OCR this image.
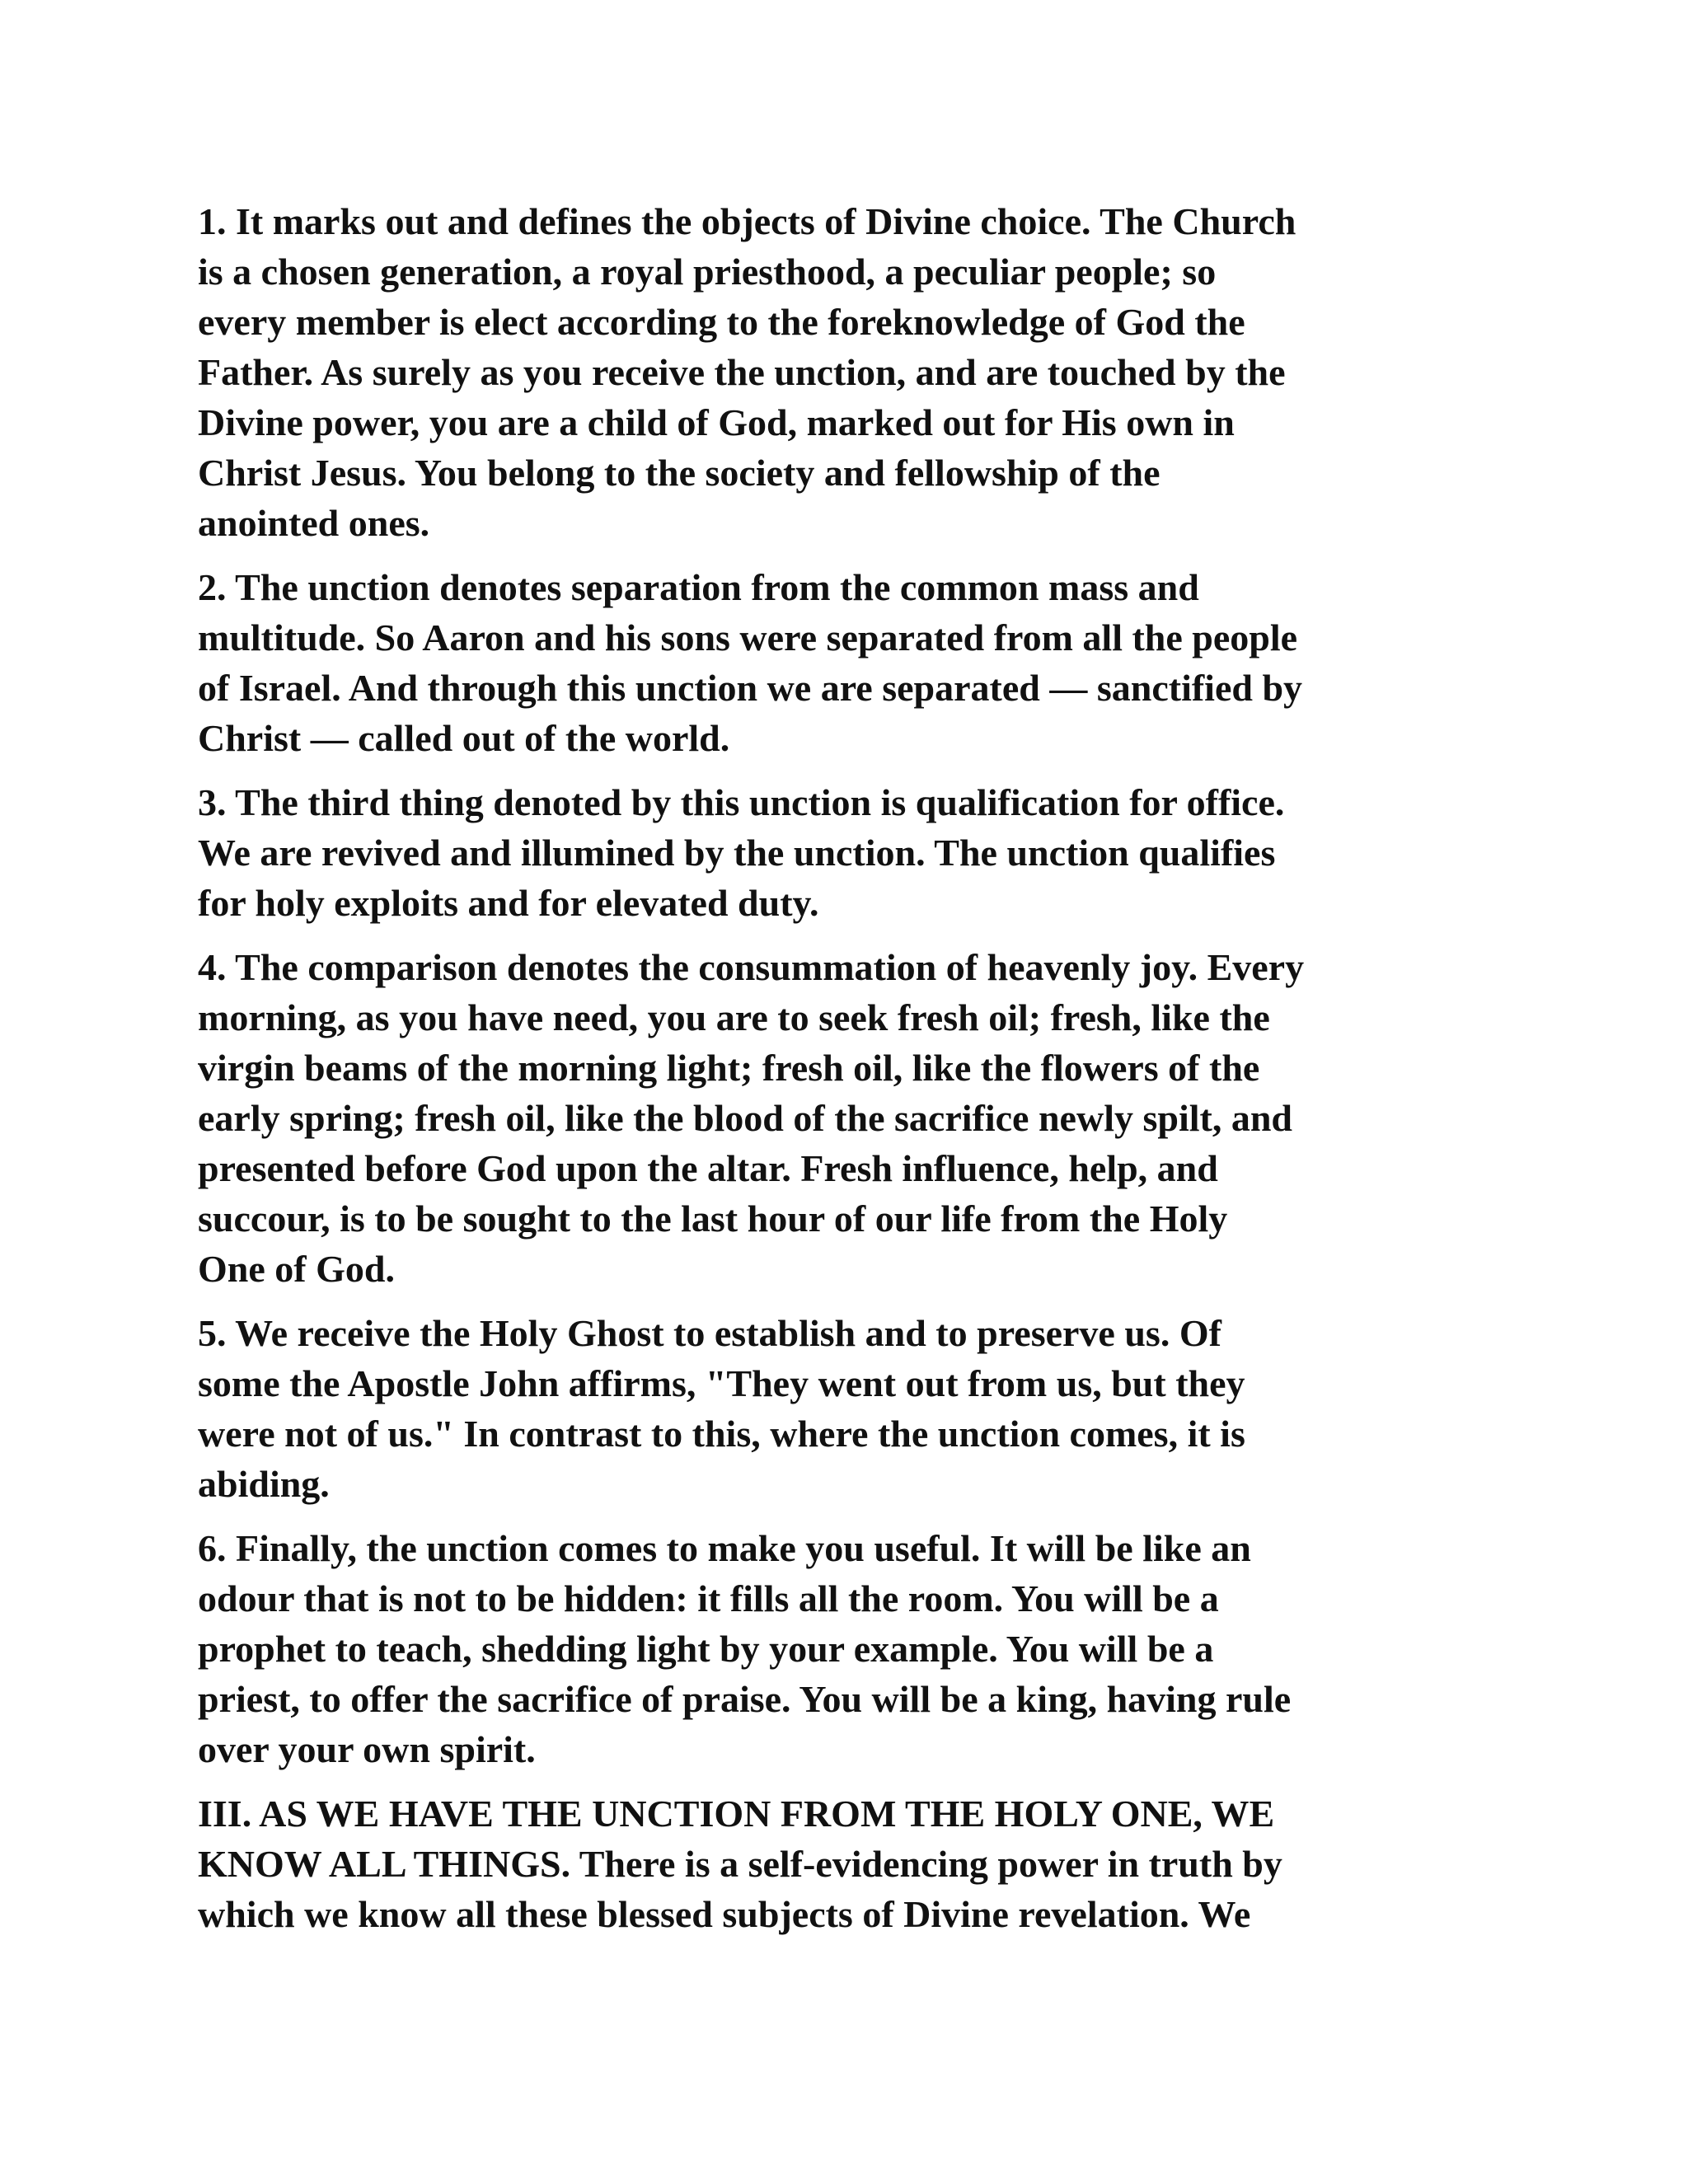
1. It marks out and defines the objects of Divine choice. The Church
is a chosen generation, a royal priesthood, a peculiar people; so
every member is elect according to the foreknowledge of God the
Father. As surely as you receive the unction, and are touched by the
Divine power, you are a child of God, marked out for His own in
Christ Jesus. You belong to the society and fellowship of the
anointed ones.

2. The unction denotes separation from the common mass and
multitude. So Aaron and his sons were separated from all the people
of Israel. And through this unction we are separated — sanctified by
Christ — called out of the world.

3. The third thing denoted by this unction is qualification for office.
We are revived and illumined by the unction. The unction qualifies
for holy exploits and for elevated duty.

4. The comparison denotes the consummation of heavenly joy. Every
morning, as you have need, you are to seek fresh oil; fresh, like the
virgin beams of the morning light; fresh oil, like the flowers of the
early spring; fresh oil, like the blood of the sacrifice newly spilt, and
presented before God upon the altar. Fresh influence, help, and
succour, is to be sought to the last hour of our life from the Holy
One of God.

5. We receive the Holy Ghost to establish and to preserve us. Of
some the Apostle John affirms, "They went out from us, but they
were not of us." In contrast to this, where the unction comes, it is
abiding.

6. Finally, the unction comes to make you useful. It will be like an
odour that is not to be hidden: it fills all the room. You will be a
prophet to teach, shedding light by your example. You will be a
priest, to offer the sacrifice of praise. You will be a king, having rule
over your own spirit.

III. AS WE HAVE THE UNCTION FROM THE HOLY ONE, WE
KNOW ALL THINGS. There is a self-evidencing power in truth by
which we know all these blessed subjects of Divine revelation. We
